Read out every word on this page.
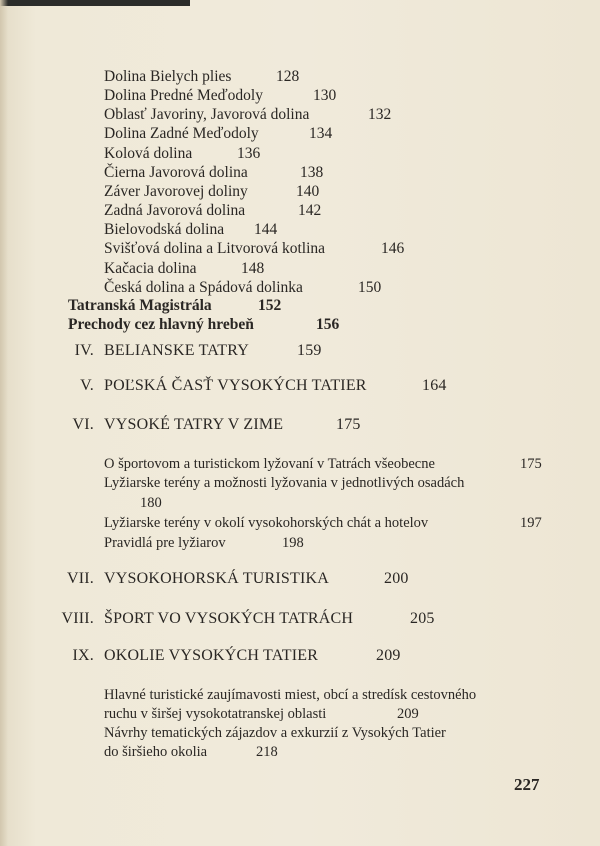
Dolina Bielych plies	128
Dolina Predné Meďodoly	130
Oblasť Javoriny, Javorová dolina	132
Dolina Zadné Meďodoly	134
Kolová dolina	136
Čierna Javorová dolina	138
Záver Javorovej doliny	140
Zadná Javorová dolina	142
Bielovodská dolina 144
Svišťová dolina a Litvorová kotlina	146
Kačacia dolina	148
Česká dolina a Spádová dolinka	150
Tatranská Magistrála	152
Prechody cez hlavný hrebeň	156
IV. BELIANSKE TATRY	159
V. POĽSKÁ ČASŤ VYSOKÝCH TATIER	164
VI. VYSOKÉ TATRY V ZIME	175
O športovom a turistickom lyžovaní v Tatrách všeobecne	175
Lyžiarske terény a možnosti lyžovania v jednotlivých osadách
180
Lyžiarske terény v okolí vysokohorských chát a hotelov	197
Pravidlá pre lyžiarov	198
VII. VYSOKOHORSKÁ TURISTIKA	200
VIII. ŠPORT VO VYSOKÝCH TATRÁCH	205
IX. OKOLIE VYSOKÝCH TATIER	209
Hlavné turistické zaujímavosti miest, obcí a stredísk cestovného
ruchu v širšej vysokotatranskej oblasti	209
Návrhy tematických zájazdov a exkurzií z Vysokých Tatier
do širšieho okolia	218
227
